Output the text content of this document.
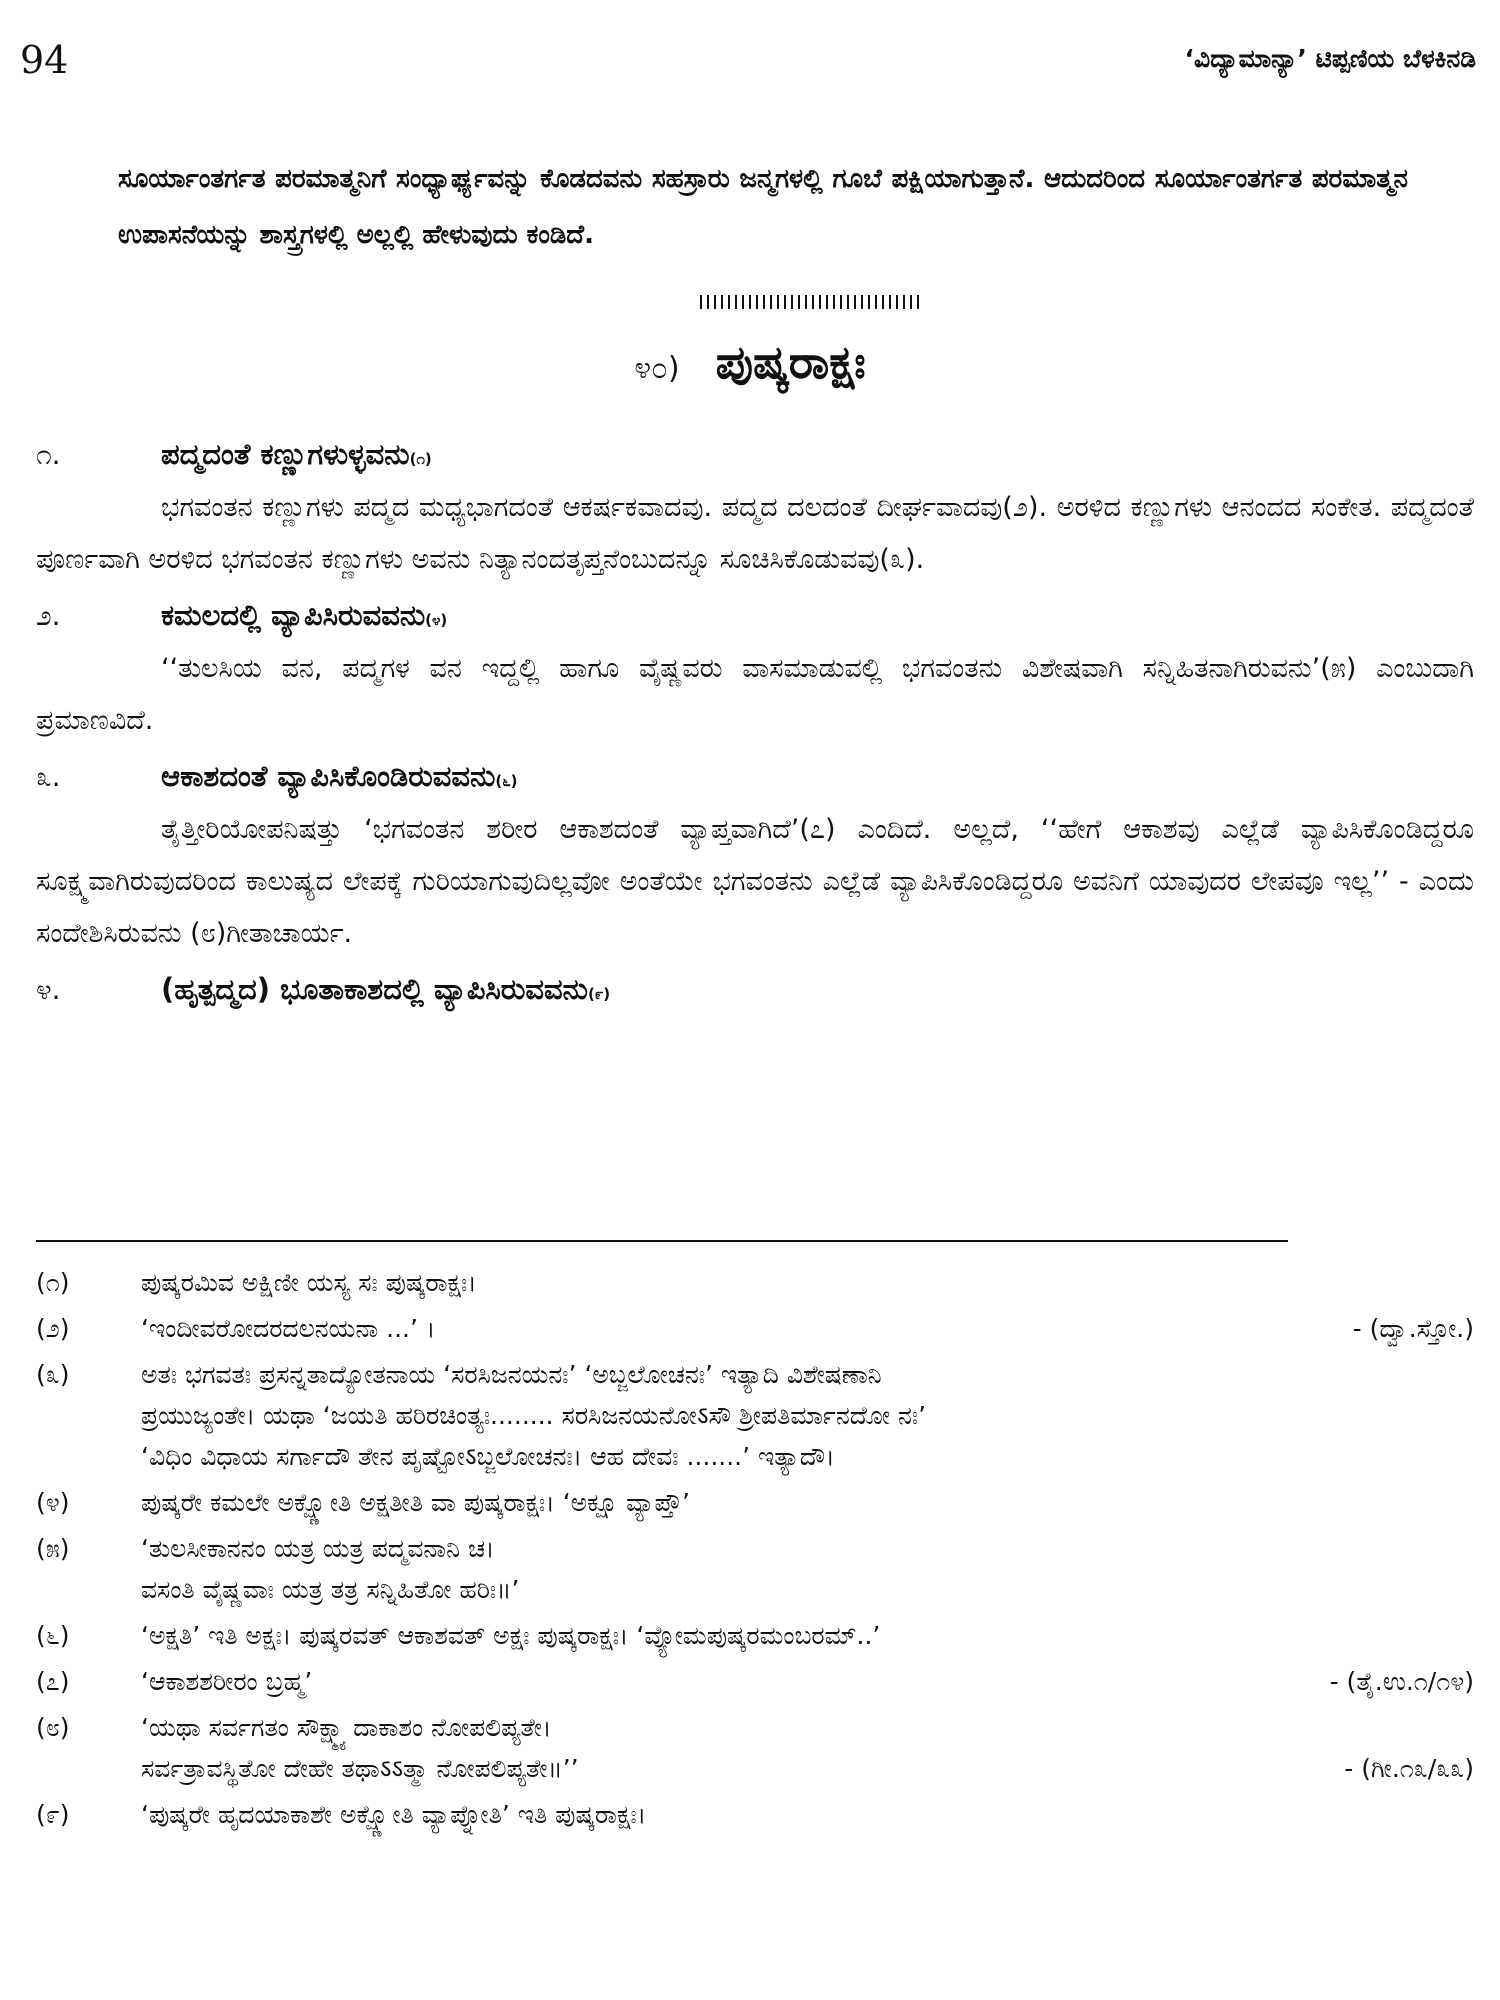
94	‘ವಿದ್ಯಾಮಾನ್ಯಾ’ ಟಿಪ್ಪಣಿಯ ಬೆಳಕಿನಡಿ

ಸೂರ್ಯಾಂತರ್ಗತ ಪರಮಾತ್ಮನಿಗೆ ಸಂಧ್ಯಾರ್ಘ್ಯವನ್ನು ಕೊಡದವನು ಸಹಸ್ರಾರು ಜನ್ಮಗಳಲ್ಲಿ ಗೂಬೆ ಪಕ್ಷಿಯಾಗುತ್ತಾನೆ. ಆದುದರಿಂದ ಸೂರ್ಯಾಂತರ್ಗತ ಪರಮಾತ್ಮನ ಉಪಾಸನೆಯನ್ನು ಶಾಸ್ತ್ರಗಳಲ್ಲಿ ಅಲ್ಲಲ್ಲಿ ಹೇಳುವುದು ಕಂಡಿದೆ.

೪೦) ಪುಷ್ಕರಾಕ್ಷಃ
೧.	ಪದ್ಮದಂತೆ ಕಣ್ಣುಗಳುಳ್ಳವನು (೧)

ಭಗವಂತನ ಕಣ್ಣುಗಳು ಪದ್ಮದ ಮಧ್ಯಭಾಗದಂತೆ ಆಕರ್ಷಕವಾದವು. ಪದ್ಮದ ದಲದಂತೆ ದೀರ್ಘವಾದವು(೨). ಅರಳಿದ ಕಣ್ಣುಗಳು ಆನಂದದ ಸಂಕೇತ. ಪದ್ಮದಂತೆ ಪೂರ್ಣವಾಗಿ ಅರಳಿದ ಭಗವಂತನ ಕಣ್ಣುಗಳು ಅವನು ನಿತ್ಯಾನಂದತೃಪ್ತನೆಂಬುದನ್ನೂ ಸೂಚಿಸಿಕೊಡುವವು(೩).

೨.	ಕಮಲದಲ್ಲಿ ವ್ಯಾಪಿಸಿರುವವನು (೪)

‘‘ತುಲಸಿಯ ವನ, ಪದ್ಮಗಳ ವನ ಇದ್ದಲ್ಲಿ ಹಾಗೂ ವೈಷ್ಣವರು ವಾಸಮಾಡುವಲ್ಲಿ ಭಗವಂತನು ವಿಶೇಷವಾಗಿ ಸನ್ನಿಹಿತನಾಗಿರುವನು’(೫) ಎಂಬುದಾಗಿ ಪ್ರಮಾಣವಿದೆ.

೩.	ಆಕಾಶದಂತೆ ವ್ಯಾಪಿಸಿಕೊಂಡಿರುವವನು (೬)

ತೈತ್ತೀರಿಯೋಪನಿಷತ್ತು ‘ಭಗವಂತನ ಶರೀರ ಆಕಾಶದಂತೆ ವ್ಯಾಪ್ತವಾಗಿದೆ’(೭) ಎಂದಿದೆ. ಅಲ್ಲದೆ, ‘‘ಹೇಗೆ ಆಕಾಶವು ಎಲ್ಲೆಡೆ ವ್ಯಾಪಿಸಿಕೊಂಡಿದ್ದರೂ ಸೂಕ್ಷ್ಮವಾಗಿರುವುದರಿಂದ ಕಾಲುಷ್ಯದ ಲೇಪಕ್ಕೆ ಗುರಿಯಾಗುವುದಿಲ್ಲವೋ ಅಂತೆಯೇ ಭಗವಂತನು ಎಲ್ಲೆಡೆ ವ್ಯಾಪಿಸಿಕೊಂಡಿದ್ದರೂ ಅವನಿಗೆ ಯಾವುದರ ಲೇಪವೂ ಇಲ್ಲ’’ - ಎಂದು ಸಂದೇಶಿಸಿರುವನು (೮)ಗೀತಾಚಾರ್ಯ.

೪.	(ಹೃತ್ಪದ್ಮದ) ಭೂತಾಕಾಶದಲ್ಲಿ ವ್ಯಾಪಿಸಿರುವವನು (೯)
(೧)	ಪುಷ್ಕರಮಿವ ಅಕ್ಷಿಣೀ ಯಸ್ಯ ಸಃ ಪುಷ್ಕರಾಕ್ಷಃ।
(೨)	‘ಇಂದೀವರೋದರದಲನಯನಾ ...’ ।	- (ದ್ವಾ.ಸ್ತೋ.)
(೩)	ಅತಃ ಭಗವತಃ ಪ್ರಸನ್ನತಾದ್ಯೋತನಾಯ ‘ಸರಸಿಜನಯನಃ’ ‘ಅಬ್ಜಲೋಚನಃ’ ಇತ್ಯಾದಿ ವಿಶೇಷಣಾನಿ
ಪ್ರಯುಜ್ಯಂತೇ। ಯಥಾ ‘ಜಯತಿ ಹರಿರಚಿಂತ್ಯಃ........ ಸರಸಿಜನಯನೋऽಸೌ ಶ್ರೀಪತಿರ್ಮಾನದೋ ನಃ’
‘ವಿಧಿಂ ವಿಧಾಯ ಸರ್ಗಾದೌ ತೇನ ಪೃಷ್ಟೋऽಬ್ಜಲೋಚನಃ। ಆಹ ದೇವಃ .......’ ಇತ್ಯಾದೌ।
(೪)	ಪುಷ್ಕರೇ ಕಮಲೇ ಅಕ್ಷ್ಣೋತಿ ಅಕ್ಷತೀತಿ ವಾ ಪುಷ್ಕರಾಕ್ಷಃ। ‘ಅಕ್ಷೂ ವ್ಯಾಪ್ತೌ’
(೫)	‘ತುಲಸೀಕಾನನಂ ಯತ್ರ ಯತ್ರ ಪದ್ಮವನಾನಿ ಚ।
ವಸಂತಿ ವೈಷ್ಣವಾಃ ಯತ್ರ ತತ್ರ ಸನ್ನಿಹಿತೋ ಹರಿಃ॥’
(೬)	‘ಅಕ್ಷತಿ’ ಇತಿ ಅಕ್ಷಃ। ಪುಷ್ಕರವತ್ ಆಕಾಶವತ್ ಅಕ್ಷಃ ಪುಷ್ಕರಾಕ್ಷಃ। ‘ವ್ಯೋಮಪುಷ್ಕರಮಂಬರಮ್..’
(೭)	‘ಆಕಾಶಶರೀರಂ ಬ್ರಹ್ಮ’	- (ತೈ.ಉ.೧/೧೪)
(೮)	‘ಯಥಾ ಸರ್ವಗತಂ ಸೌಕ್ಷ್ಮ್ಯಾದಾಕಾಶಂ ನೋಪಲಿಪ್ಯತೇ।
ಸರ್ವತ್ರಾವಸ್ಥಿತೋ ದೇಹೇ ತಥಾऽऽತ್ಮಾ ನೋಪಲಿಪ್ಯತೇ॥’’	- (ಗೀ.೧೩/೩೩)
(೯)	‘ಪುಷ್ಕರೇ ಹೃದಯಾಕಾಶೇ ಅಕ್ಷ್ಣೋತಿ ವ್ಯಾಪ್ನೋತಿ’ ಇತಿ ಪುಷ್ಕರಾಕ್ಷಃ।
